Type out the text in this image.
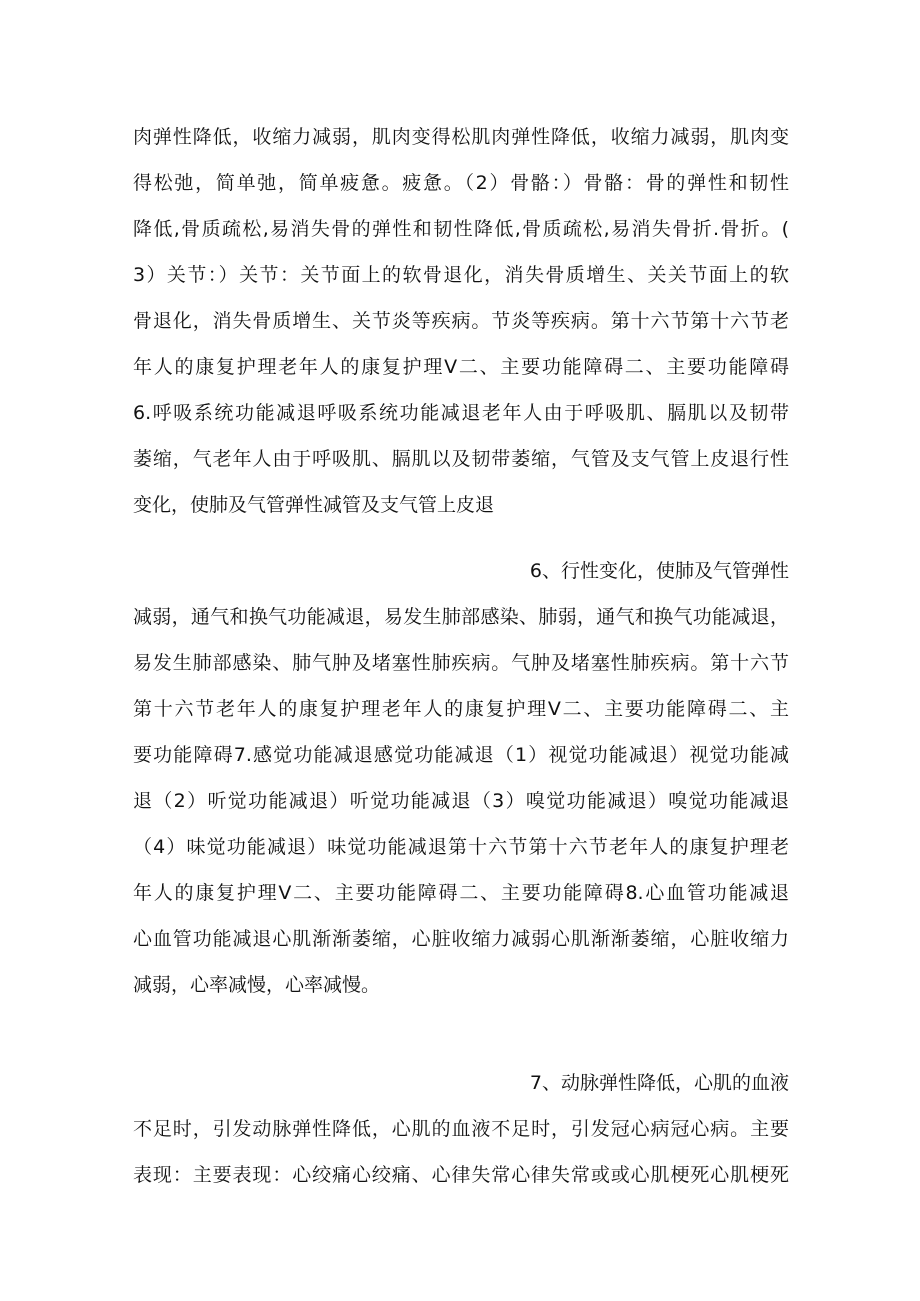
肉弹性降低，收缩力减弱，肌肉变得松肌肉弹性降低，收缩力减弱，肌肉变
得松弛，简单弛，简单疲惫。疲惫。（2）骨骼：）骨骼：骨的弹性和韧性
降低,骨质疏松,易消失骨的弹性和韧性降低,骨质疏松,易消失骨折.骨折。(
3）关节：）关节：关节面上的软骨退化，消失骨质增生、关关节面上的软
骨退化，消失骨质增生、关节炎等疾病。节炎等疾病。第十六节第十六节老
年人的康复护理老年人的康复护理V二、主要功能障碍二、主要功能障碍
6.呼吸系统功能减退呼吸系统功能减退老年人由于呼吸肌、膈肌以及韧带
萎缩，气老年人由于呼吸肌、膈肌以及韧带萎缩，气管及支气管上皮退行性
变化，使肺及气管弹性减管及支气管上皮退
6、行性变化，使肺及气管弹性
减弱，通气和换气功能减退，易发生肺部感染、肺弱，通气和换气功能减退，
易发生肺部感染、肺气肿及堵塞性肺疾病。气肿及堵塞性肺疾病。第十六节
第十六节老年人的康复护理老年人的康复护理V二、主要功能障碍二、主
要功能障碍7.感觉功能减退感觉功能减退（1）视觉功能减退）视觉功能减
退（2）听觉功能减退）听觉功能减退（3）嗅觉功能减退）嗅觉功能减退
（4）味觉功能减退）味觉功能减退第十六节第十六节老年人的康复护理老
年人的康复护理V二、主要功能障碍二、主要功能障碍8.心血管功能减退
心血管功能减退心肌渐渐萎缩，心脏收缩力减弱心肌渐渐萎缩，心脏收缩力
减弱，心率减慢，心率减慢。
7、动脉弹性降低，心肌的血液
不足时，引发动脉弹性降低，心肌的血液不足时，引发冠心病冠心病。主要
表现：主要表现：心绞痛心绞痛、心律失常心律失常或或心肌梗死心肌梗死
